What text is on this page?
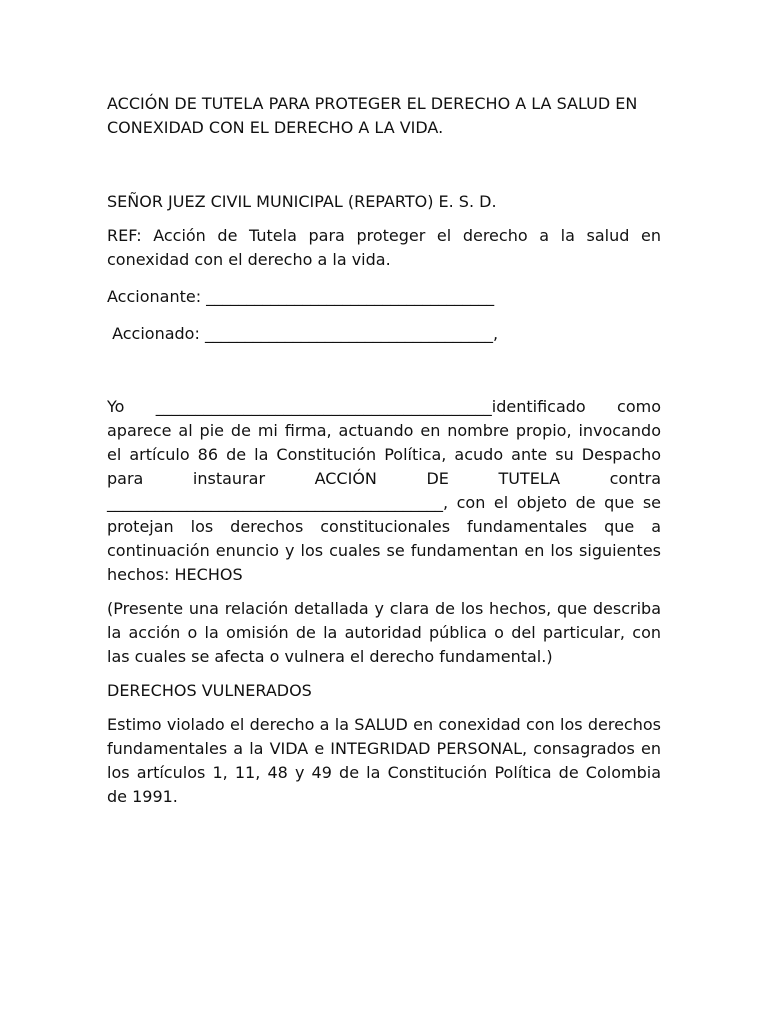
ACCIÓN DE TUTELA PARA PROTEGER EL DERECHO A LA SALUD EN CONEXIDAD CON EL DERECHO A LA VIDA.

SEÑOR JUEZ CIVIL MUNICIPAL (REPARTO) E. S. D.

REF: Acción de Tutela para proteger el derecho a la salud en conexidad con el derecho a la vida.

Accionante: ____________________________________

Accionado: ____________________________________,

Yo __________________________________________identificado como aparece al pie de mi firma, actuando en nombre propio, invocando el artículo 86 de la Constitución Política, acudo ante su Despacho para instaurar ACCIÓN DE TUTELA contra __________________________________________, con el objeto de que se protejan los derechos constitucionales fundamentales que a continuación enuncio y los cuales se fundamentan en los siguientes hechos: HECHOS

(Presente una relación detallada y clara de los hechos, que describa la acción o la omisión de la autoridad pública o del particular, con las cuales se afecta o vulnera el derecho fundamental.)

DERECHOS VULNERADOS

Estimo violado el derecho a la SALUD en conexidad con los derechos fundamentales a la VIDA e INTEGRIDAD PERSONAL, consagrados en los artículos 1, 11, 48 y 49 de la Constitución Política de Colombia de 1991.
